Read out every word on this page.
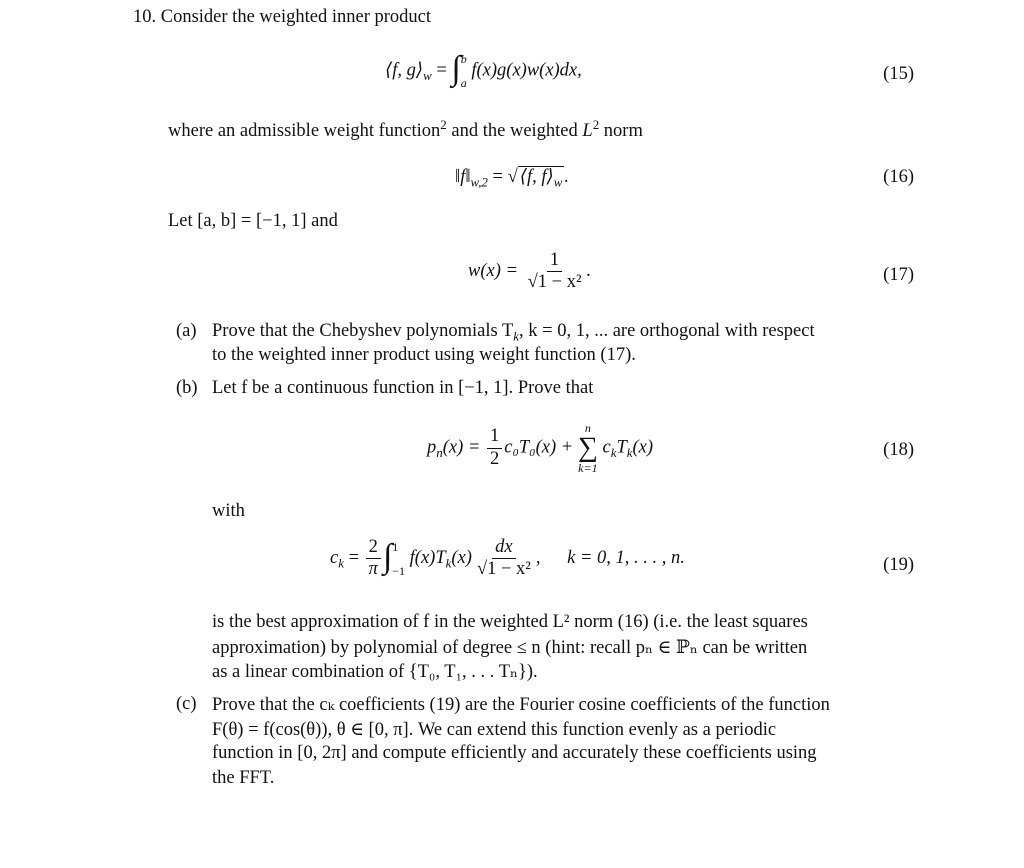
10. Consider the weighted inner product
⟨f, $g⟩_w = \int b$

a f(x)g(x)w(x)dx,	(15)
where an admissible weight function$^2$ and the weighted $L^2$ norm
$‖f‖_{w,2}$ = √ ⟨f, $f⟩_w$ .	(16)
Let [a, b] = [−1, 1] and
$w(x) = \frac{1}{\text{√1 − x²}}$ .	(17)
(a) Prove that the Chebyshev polynomials $T_k$, k = 0, 1, ... are orthogonal with respect
to the weighted inner product using weight function (17).
(b) Let f be a continuous function in [−1, 1]. Prove that
$p_n(x) = \frac{1}{2} c_0T_0(x)$ +
n
∑
k=1
$c_kT_k(x)$	(18)
with
$c_k = \frac{2}{\pi} \int 1$

−1 $f(x)T_k(x) \frac{dx}{\text{√1 − x²}}$ , k = 0, 1, . . . , n.	(19)
is the best approximation of f in the weighted L² norm (16) (i.e. the least squares
approximation) by polynomial of degree ≤ n (hint: recall pₙ ∈ ℙₙ can be written
as a linear combination of {T₀, T₁, . . . Tₙ}).
(c) Prove that the cₖ coefficients (19) are the Fourier cosine coefficients of the function
F(θ) = f(cos(θ)), θ ∈ [0, π]. We can extend this function evenly as a periodic
function in [0, 2π] and compute efficiently and accurately these coefficients using
the FFT.
